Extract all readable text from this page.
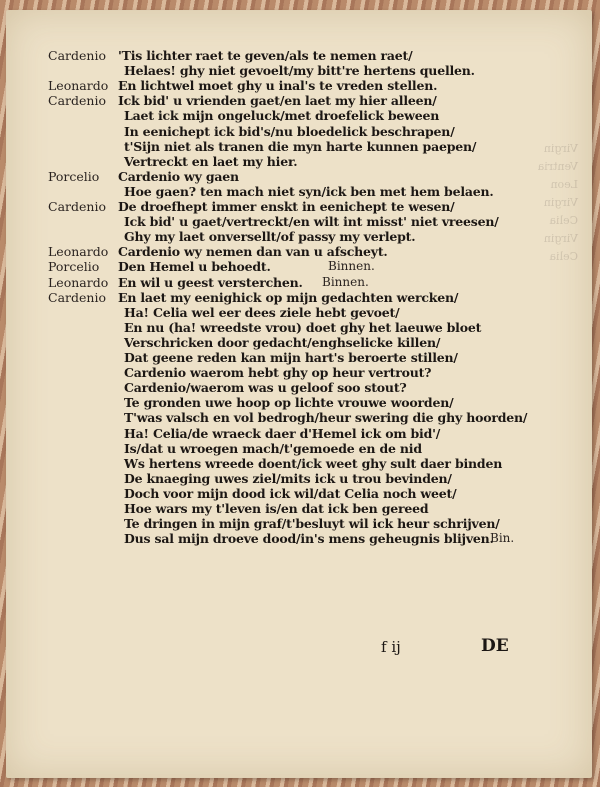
Virgin
Ventria
Leon
Virgin
Celia
Virgin
Celia
Cardenio 'Tis lichter raet te geven/als te nemen raet/
Helaes! ghy niet gevoelt/my bitt're hertens quellen.
Leonardo En lichtwel moet ghy u inal's te vreden stellen.
Cardenio Ick bid' u vrienden gaet/en laet my hier alleen/
Laet ick mijn ongeluck/met droefelick beween
In eenichept ick bid's/nu bloedelick beschrapen/
t'Sijn niet als tranen die myn harte kunnen paepen/
Vertreckt en laet my hier.
Porcelio Cardenio wy gaen
Hoe gaen? ten mach niet syn/ick ben met hem belaen.
Cardenio De droefhept immer enskt in eenichept te wesen/
Ick bid' u gaet/vertreckt/en wilt int misst' niet vreesen/
Ghy my laet onversellt/of passy my verlept.
Leonardo Cardenio wy nemen dan van u afscheyt.
Porcelio Den Hemel u behoedt.	Binnen.
Leonardo En wil u geest versterchen. Binnen.
Cardenio En laet my eenighick op mijn gedachten wercken/
Ha! Celia wel eer dees ziele hebt gevoet/
En nu (ha! wreedste vrou) doet ghy het laeuwe bloet
Verschricken door gedacht/enghselicke killen/
Dat geene reden kan mijn hart's beroerte stillen/
Cardenio waerom hebt ghy op heur vertrout?
Cardenio/waerom was u geloof soo stout?
Te gronden uwe hoop op lichte vrouwe woorden/
T'was valsch en vol bedrogh/heur swering die ghy hoorden/
Ha! Celia/de wraeck daer d'Hemel ick om bid'/
Is/dat u wroegen mach/t'gemoede en de nid
Ws hertens wreede doent/ick weet ghy sult daer binden
De knaeging uwes ziel/mits ick u trou bevinden/
Doch voor mijn dood ick wil/dat Celia noch weet/
Hoe wars my t'leven is/en dat ick ben gereed
Te dringen in mijn graf/t'besluyt wil ick heur schrijven/
Dus sal mijn droeve dood/in's mens geheugnis blijven.
Bin.
f ij	DE
